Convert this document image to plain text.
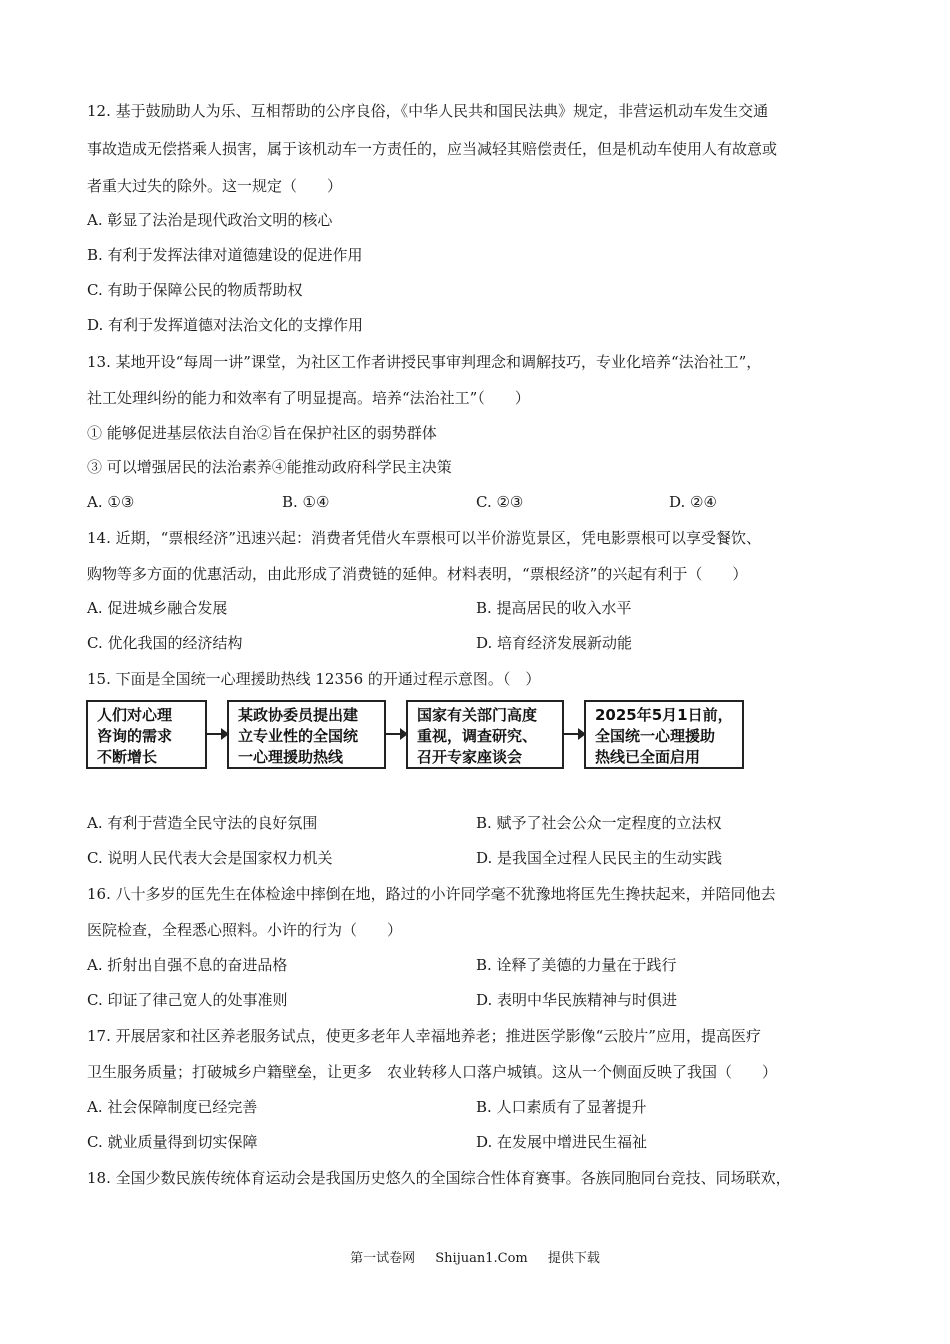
12. 基于鼓励助人为乐、互相帮助的公序良俗，《中华人民共和国民法典》规定，非营运机动车发生交通
事故造成无偿搭乘人损害，属于该机动车一方责任的，应当减轻其赔偿责任，但是机动车使用人有故意或
者重大过失的除外。这一规定（　　）
A. 彰显了法治是现代政治文明的核心
B. 有利于发挥法律对道德建设的促进作用
C. 有助于保障公民的物质帮助权
D. 有利于发挥道德对法治文化的支撑作用
13. 某地开设“每周一讲”课堂，为社区工作者讲授民事审判理念和调解技巧，专业化培养“法治社工”，
社工处理纠纷的能力和效率有了明显提高。培养“法治社工”（　　）
① 能够促进基层依法自治②旨在保护社区的弱势群体
③ 可以增强居民的法治素养④能推动政府科学民主决策
A. ①③	B. ①④	C. ②③	D. ②④
14. 近期，“票根经济”迅速兴起：消费者凭借火车票根可以半价游览景区，凭电影票根可以享受餐饮、
购物等多方面的优惠活动，由此形成了消费链的延伸。材料表明，“票根经济”的兴起有利于（　　）
A. 促进城乡融合发展	B. 提高居民的收入水平
C. 优化我国的经济结构	D. 培育经济发展新动能
15. 下面是全国统一心理援助热线 12356 的开通过程示意图。（　）
人们对心理
咨询的需求
不断增长
某政协委员提出建
立专业性的全国统
一心理援助热线
国家有关部门高度
重视，调查研究、
召开专家座谈会
2025年5月1日前，
全国统一心理援助
热线已全面启用
A. 有利于营造全民守法的良好氛围	B. 赋予了社会公众一定程度的立法权
C. 说明人民代表大会是国家权力机关	D. 是我国全过程人民民主的生动实践
16. 八十多岁的匡先生在体检途中摔倒在地，路过的小许同学毫不犹豫地将匡先生搀扶起来，并陪同他去
医院检查，全程悉心照料。小许的行为（　　）
A. 折射出自强不息的奋进品格	B. 诠释了美德的力量在于践行
C. 印证了律己宽人的处事准则	D. 表明中华民族精神与时俱进
17. 开展居家和社区养老服务试点，使更多老年人幸福地养老；推进医学影像“云胶片”应用，提高医疗
卫生服务质量；打破城乡户籍壁垒，让更多　农业转移人口落户城镇。这从一个侧面反映了我国（　　）
A. 社会保障制度已经完善	B. 人口素质有了显著提升
C. 就业质量得到切实保障	D. 在发展中增进民生福祉
18. 全国少数民族传统体育运动会是我国历史悠久的全国综合性体育赛事。各族同胞同台竞技、同场联欢，
第一试卷网 Shijuan1.Com 提供下载
